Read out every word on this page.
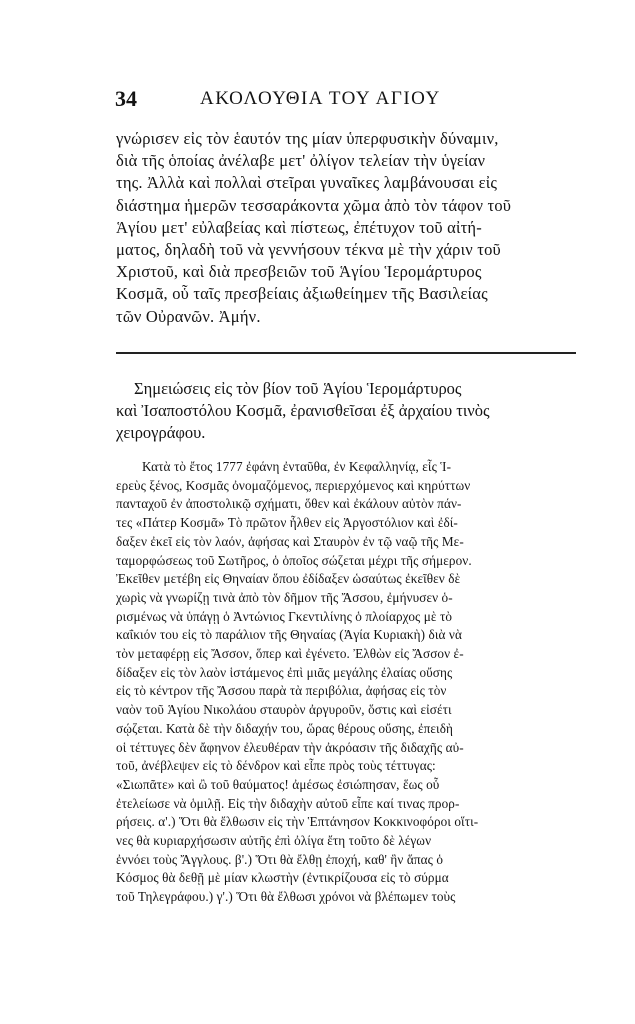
34	ΑΚΟΛΟΥΘΙΑ ΤΟΥ ΑΓΙΟΥ
γνώρισεν εἰς τὸν ἑαυτόν της μίαν ὑπερφυσικὴν δύναμιν,
διὰ τῆς ὁποίας ἀνέλαβε μετ' ὀλίγον τελείαν τὴν ὑγείαν
της. Ἀλλὰ καὶ πολλαὶ στεῖραι γυναῖκες λαμβάνουσαι εἰς
διάστημα ἡμερῶν τεσσαράκοντα χῶμα ἀπὸ τὸν τάφον τοῦ
Ἁγίου μετ' εὐλαβείας καὶ πίστεως, ἐπέτυχον τοῦ αἰτή-
ματος, δηλαδὴ τοῦ νὰ γεννήσουν τέκνα μὲ τὴν χάριν τοῦ
Χριστοῦ, καὶ διὰ πρεσβειῶν τοῦ Ἁγίου Ἱερομάρτυρος
Κοσμᾶ, οὗ ταῖς πρεσβείαις ἀξιωθείημεν τῆς Βασιλείας
τῶν Οὐρανῶν. Ἀμήν.
Σημειώσεις εἰς τὸν βίον τοῦ Ἁγίου Ἱερομάρτυρος
καὶ Ἰσαποστόλου Κοσμᾶ, ἐρανισθεῖσαι ἐξ ἀρχαίου τινὸς
χειρογράφου.
Κατὰ τὸ ἔτος 1777 ἐφάνη ἐνταῦθα, ἐν Κεφαλληνίᾳ, εἷς Ἱ-
ερεὺς ξένος, Κοσμᾶς ὀνομαζόμενος, περιερχόμενος καὶ κηρύττων
πανταχοῦ ἐν ἀποστολικῷ σχήματι, ὅθεν καὶ ἐκάλουν αὐτὸν πάν-
τες «Πάτερ Κοσμᾶ» Τὸ πρῶτον ἦλθεν εἰς Ἀργοστόλιον καὶ ἐδί-
δαξεν ἐκεῖ εἰς τὸν λαόν, ἀφήσας καὶ Σταυρὸν ἐν τῷ ναῷ τῆς Με-
ταμορφώσεως τοῦ Σωτῆρος, ὁ ὁποῖος σώζεται μέχρι τῆς σήμερον.
Ἐκεῖθεν μετέβη εἰς Θηναίαν ὅπου ἐδίδαξεν ὡσαύτως ἐκεῖθεν δὲ
χωρὶς νὰ γνωρίζῃ τινὰ ἀπὸ τὸν δῆμον τῆς Ἄσσου, ἐμήνυσεν ὁ-
ρισμένως νὰ ὑπάγῃ ὁ Ἀντώνιος Γκεντιλίνης ὁ πλοίαρχος μὲ τὸ
καΐκιόν του εἰς τὸ παράλιον τῆς Θηναίας (Ἁγία Κυριακὴ) διὰ νὰ
τὸν μεταφέρῃ εἰς Ἄσσον, ὅπερ καὶ ἐγένετο. Ἐλθὼν εἰς Ἄσσον ἐ-
δίδαξεν εἰς τὸν λαὸν ἱστάμενος ἐπὶ μιᾶς μεγάλης ἐλαίας οὔσης
εἰς τὸ κέντρον τῆς Ἄσσου παρὰ τὰ περιβόλια, ἀφήσας εἰς τὸν
ναὸν τοῦ Ἁγίου Νικολάου σταυρὸν ἀργυροῦν, ὅστις καὶ εἰσέτι
σῴζεται. Κατὰ δὲ τὴν διδαχήν του, ὥρας θέρους οὔσης, ἐπειδὴ
οἱ τέττυγες δὲν ἄφηνον ἐλευθέραν τὴν ἀκρόασιν τῆς διδαχῆς αὐ-
τοῦ, ἀνέβλεψεν εἰς τὸ δένδρον καὶ εἶπε πρὸς τοὺς τέττυγας:
«Σιωπᾶτε» καὶ ὢ τοῦ θαύματος! ἀμέσως ἐσιώπησαν, ἕως οὗ
ἐτελείωσε νὰ ὁμιλῇ. Εἰς τὴν διδαχὴν αὐτοῦ εἶπε καί τινας προρ-
ρήσεις. α'.) Ὅτι θὰ ἔλθωσιν εἰς τὴν Ἑπτάνησον Κοκκινοφόροι οἵτι-
νες θὰ κυριαρχήσωσιν αὐτῆς ἐπὶ ὀλίγα ἔτη τοῦτο δὲ λέγων
ἐννόει τοὺς Ἄγγλους. β'.) Ὅτι θὰ ἔλθῃ ἐποχή, καθ' ἣν ἅπας ὁ
Κόσμος θὰ δεθῇ μὲ μίαν κλωστὴν (ἐντικρίζουσα εἰς τὸ σύρμα
τοῦ Τηλεγράφου.) γ'.) Ὅτι θὰ ἔλθωσι χρόνοι νὰ βλέπωμεν τοὺς
